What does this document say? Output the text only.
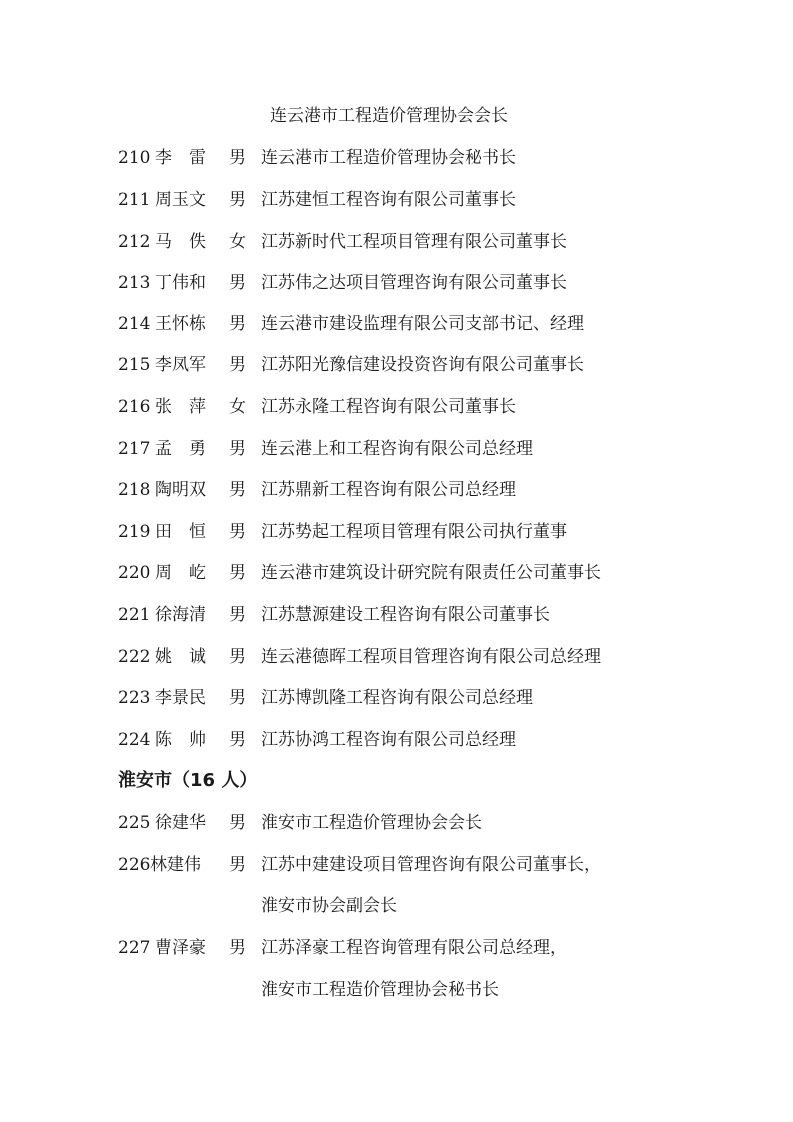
连云港市工程造价管理协会会长
210 李　雷	男 连云港市工程造价管理协会秘书长
211 周玉文	男 江苏建恒工程咨询有限公司董事长
212 马　佚	女 江苏新时代工程项目管理有限公司董事长
213 丁伟和	男 江苏伟之达项目管理咨询有限公司董事长
214 王怀栋	男 连云港市建设监理有限公司支部书记、经理
215 李凤军	男 江苏阳光豫信建设投资咨询有限公司董事长
216 张　萍	女 江苏永隆工程咨询有限公司董事长
217 孟　勇	男 连云港上和工程咨询有限公司总经理
218 陶明双	男 江苏鼎新工程咨询有限公司总经理
219 田　恒	男 江苏势起工程项目管理有限公司执行董事
220 周　屹	男 连云港市建筑设计研究院有限责任公司董事长
221 徐海清	男 江苏慧源建设工程咨询有限公司董事长
222 姚　诚	男 连云港德晖工程项目管理咨询有限公司总经理
223 李景民	男 江苏博凯隆工程咨询有限公司总经理
224 陈　帅	男 江苏协鸿工程咨询有限公司总经理
淮安市（16 人）
225 徐建华	男 淮安市工程造价管理协会会长
226 林建伟	男 江苏中建建设项目管理咨询有限公司董事长，
淮安市协会副会长
227 曹泽豪	男 江苏泽豪工程咨询管理有限公司总经理，
淮安市工程造价管理协会秘书长
